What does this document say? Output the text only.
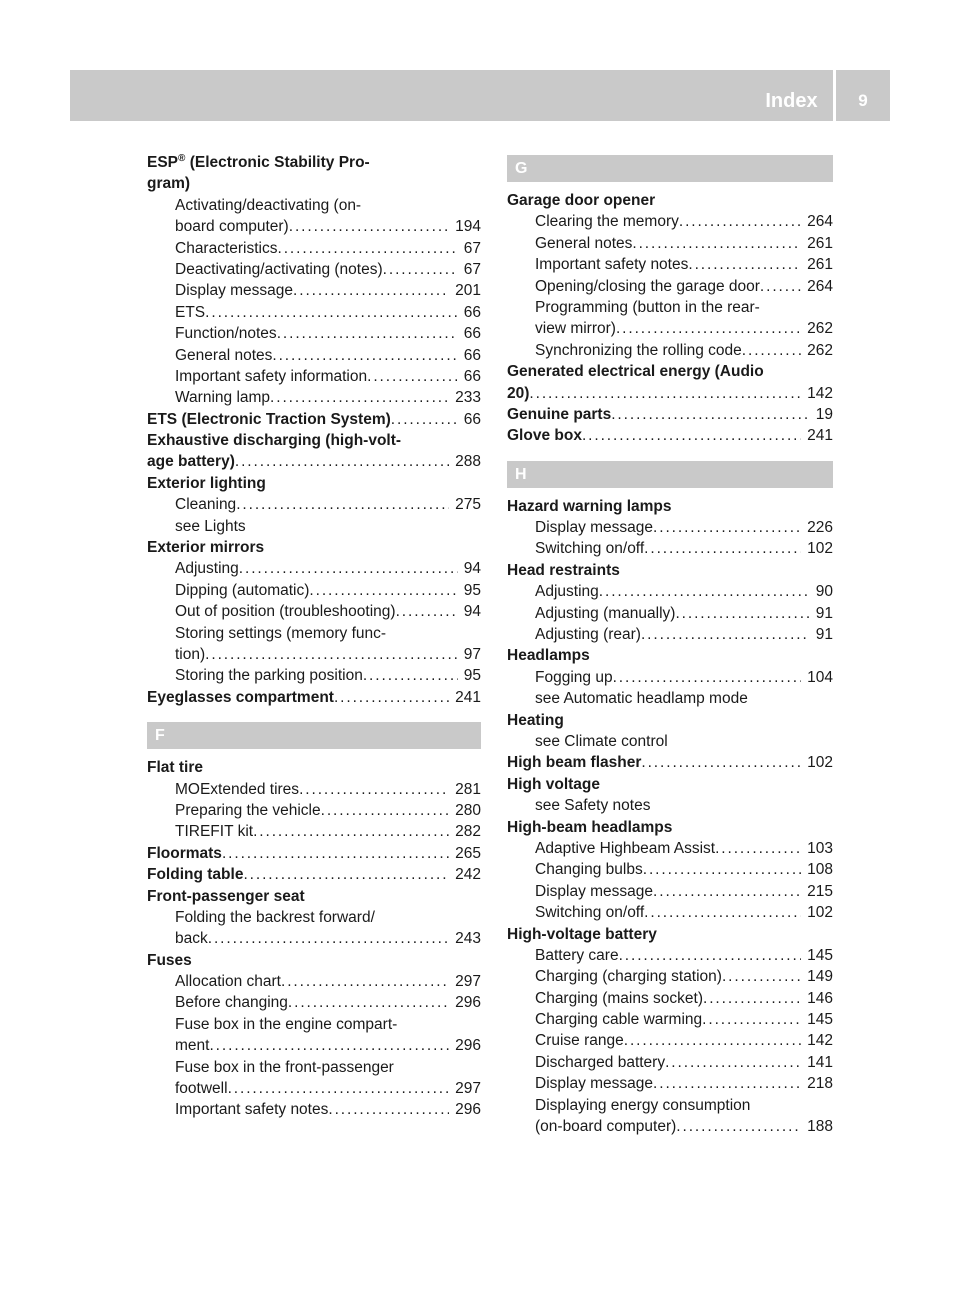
Index	9
ESP® (Electronic Stability Pro-
gram)
Activating/deactivating (on-
board computer) . . .	194
Characteristics . . .	67
Deactivating/activating (notes) . . .	67
Display message . . .	201
ETS . . .	66
Function/notes . . .	66
General notes . . .	66
Important safety information . . .	66
Warning lamp . . .	233
ETS (Electronic Traction System) . . .	66
Exhaustive discharging (high-volt-
age battery) . . .	288
Exterior lighting
Cleaning . . .	275
see Lights
Exterior mirrors
Adjusting . . .	94
Dipping (automatic) . . .	95
Out of position (troubleshooting) . . .	94
Storing settings (memory func-
tion) . . .	97
Storing the parking position . . .	95
Eyeglasses compartment . . .	241
F
Flat tire
MOExtended tires . . .	281
Preparing the vehicle . . .	280
TIREFIT kit . . .	282
Floormats . . .	265
Folding table . . .	242
Front-passenger seat
Folding the backrest forward/
back . . .	243
Fuses
Allocation chart . . .	297
Before changing . . .	296
Fuse box in the engine compart-
ment . . .	296
Fuse box in the front-passenger
footwell . . .	297
Important safety notes . . .	296
G
Garage door opener
Clearing the memory . . .	264
General notes . . .	261
Important safety notes . . .	261
Opening/closing the garage door . . .	264
Programming (button in the rear-
view mirror) . . .	262
Synchronizing the rolling code . . .	262
Generated electrical energy (Audio
20) . . .	142
Genuine parts . . .	19
Glove box . . .	241
H
Hazard warning lamps
Display message . . .	226
Switching on/off . . .	102
Head restraints
Adjusting . . .	90
Adjusting (manually) . . .	91
Adjusting (rear) . . .	91
Headlamps
Fogging up . . .	104
see Automatic headlamp mode
Heating
see Climate control
High beam flasher . . .	102
High voltage
see Safety notes
High-beam headlamps
Adaptive Highbeam Assist . . .	103
Changing bulbs . . .	108
Display message . . .	215
Switching on/off . . .	102
High-voltage battery
Battery care . . .	145
Charging (charging station) . . .	149
Charging (mains socket) . . .	146
Charging cable warming . . .	145
Cruise range . . .	142
Discharged battery . . .	141
Display message . . .	218
Displaying energy consumption
(on-board computer) . . .	188
